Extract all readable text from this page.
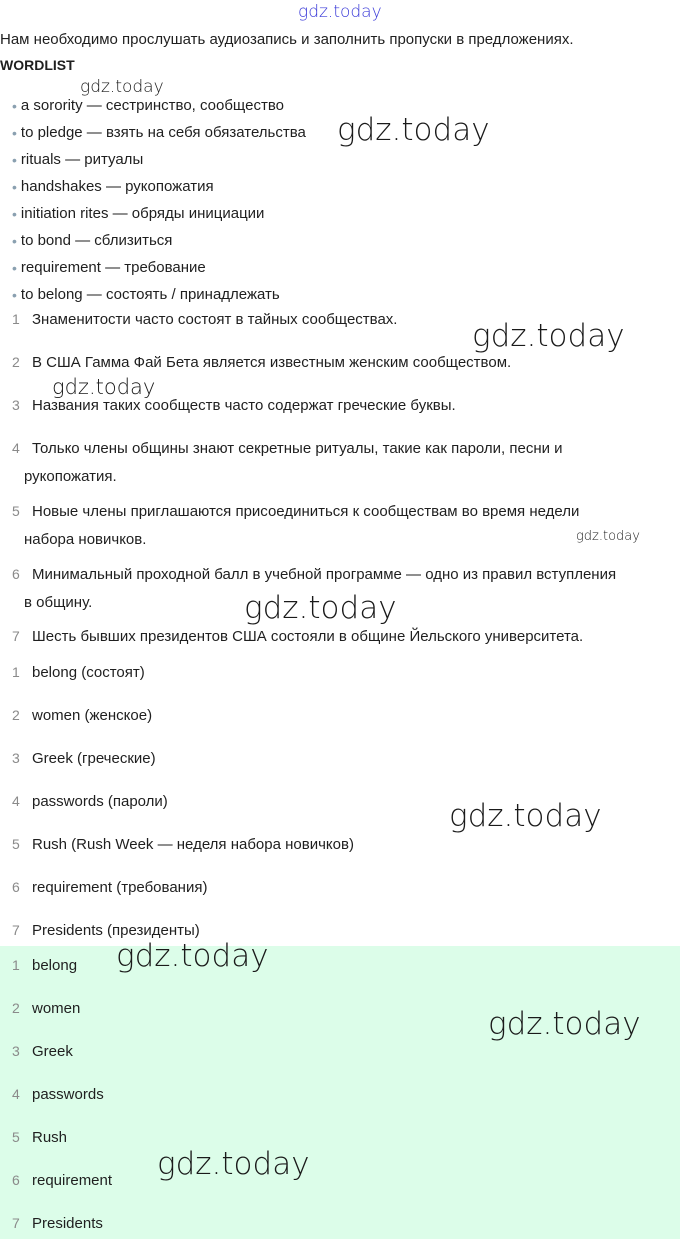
gdz.today
Нам необходимо прослушать аудиозапись и заполнить пропуски в предложениях.
WORDLIST
• a sorority — сестринство, сообщество
• to pledge — взять на себя обязательства
• rituals — ритуалы
• handshakes — рукопожатия
• initiation rites — обряды инициации
• to bond — сблизиться
• requirement — требование
• to belong — состоять / принадлежать
1 Знаменитости часто состоят в тайных сообществах.
2 В США Гамма Фай Бета является известным женским сообществом.
3 Названия таких сообществ часто содержат греческие буквы.
4 Только члены общины знают секретные ритуалы, такие как пароли, песни и
рукопожатия.
5 Новые члены приглашаются присоединиться к сообществам во время недели
набора новичков.
6 Минимальный проходной балл в учебной программе — одно из правил вступления
в общину.
7 Шесть бывших президентов США состояли в общине Йельского университета.
1 belong (состоят)
2 women (женское)
3 Greek (греческие)
4 passwords (пароли)
5 Rush (Rush Week — неделя набора новичков)
6 requirement (требования)
7 Presidents (президенты)
1 belong
2 women
3 Greek
4 passwords
5 Rush
6 requirement
7 Presidents
gdz.today
gdz.today
gdz.today
gdz.today
gdz.today
gdz.today
gdz.today
gdz.today
gdz.today
gdz.today
